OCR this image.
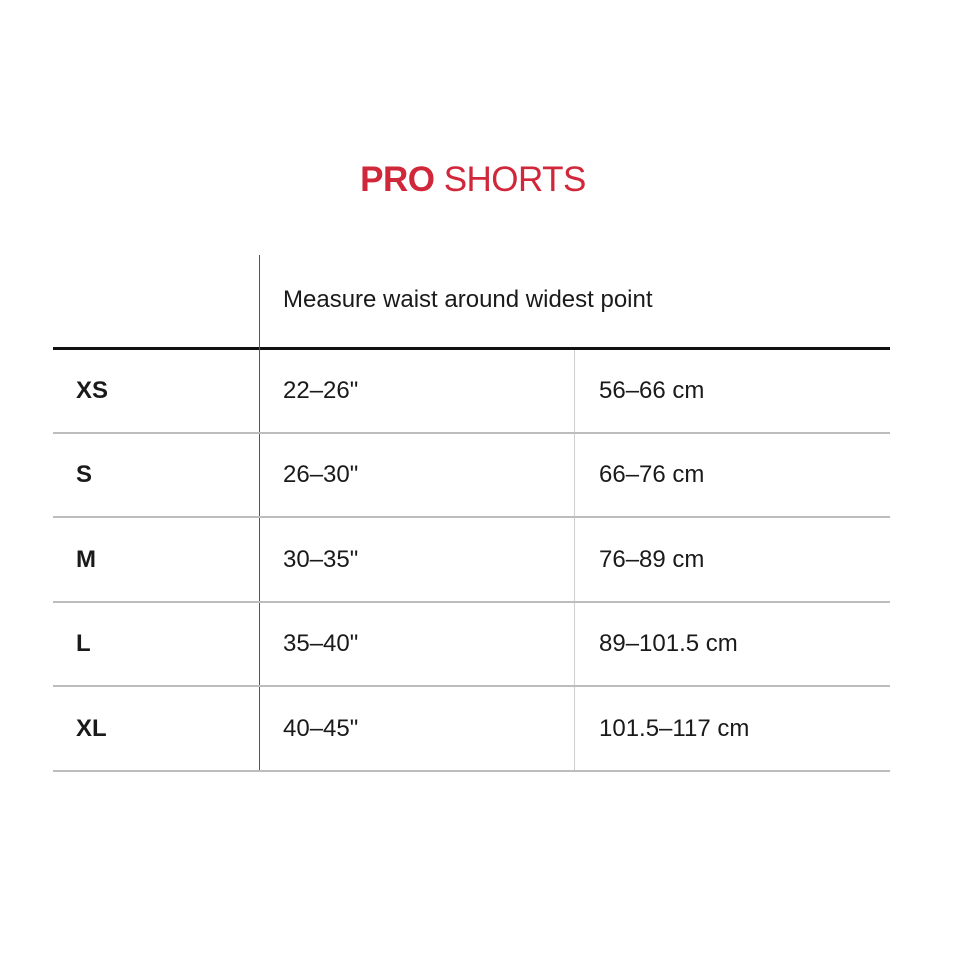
PRO SHORTS
Measure waist around widest point
XS	22–26"	56–66 cm
S	26–30"	66–76 cm
M	30–35"	76–89 cm
L	35–40"	89–101.5 cm
XL	40–45"	101.5–117 cm
